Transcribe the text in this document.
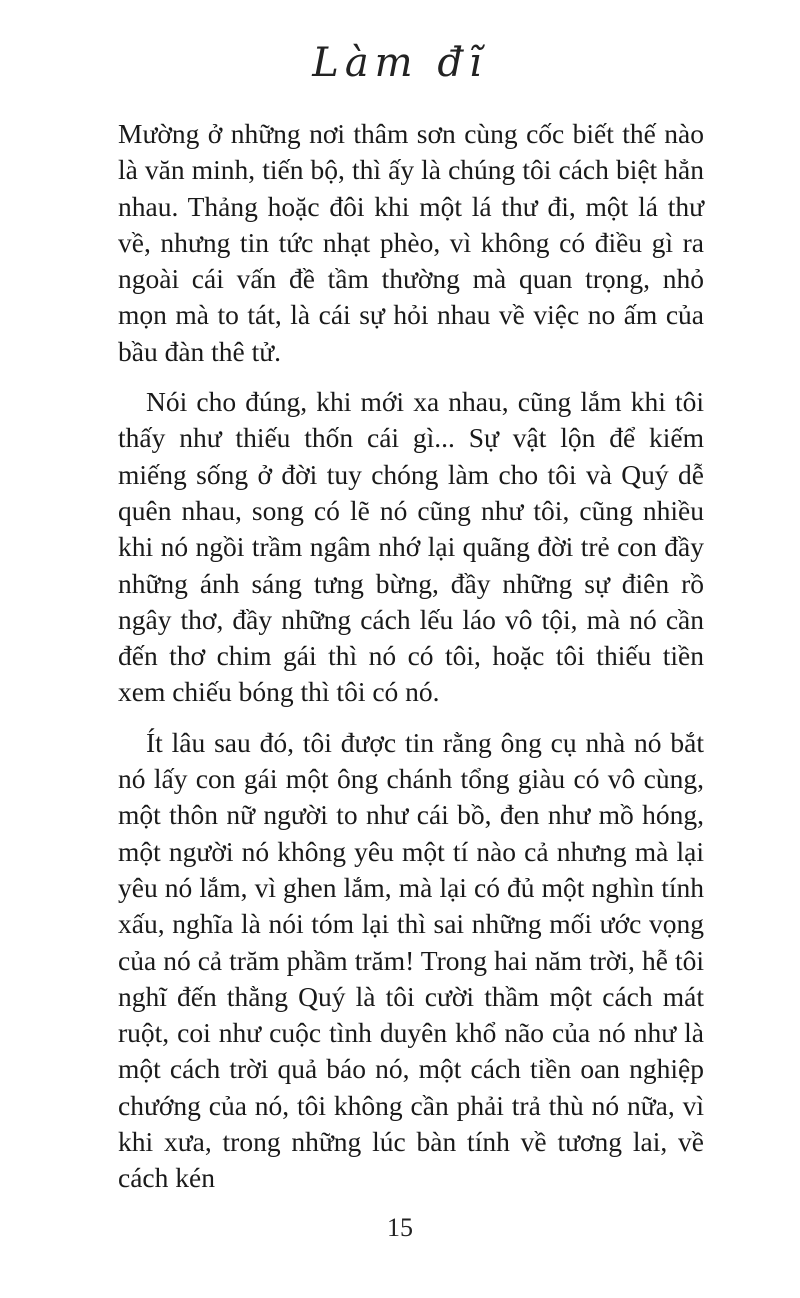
Làm đĩ

Mường ở những nơi thâm sơn cùng cốc biết thế nào là văn minh, tiến bộ, thì ấy là chúng tôi cách biệt hẳn nhau. Thảng hoặc đôi khi một lá thư đi, một lá thư về, nhưng tin tức nhạt phèo, vì không có điều gì ra ngoài cái vấn đề tầm thường mà quan trọng, nhỏ mọn mà to tát, là cái sự hỏi nhau về việc no ấm của bầu đàn thê tử.

Nói cho đúng, khi mới xa nhau, cũng lắm khi tôi thấy như thiếu thốn cái gì... Sự vật lộn để kiếm miếng sống ở đời tuy chóng làm cho tôi và Quý dễ quên nhau, song có lẽ nó cũng như tôi, cũng nhiều khi nó ngồi trầm ngâm nhớ lại quãng đời trẻ con đầy những ánh sáng tưng bừng, đầy những sự điên rồ ngây thơ, đầy những cách lếu láo vô tội, mà nó cần đến thơ chim gái thì nó có tôi, hoặc tôi thiếu tiền xem chiếu bóng thì tôi có nó.

Ít lâu sau đó, tôi được tin rằng ông cụ nhà nó bắt nó lấy con gái một ông chánh tổng giàu có vô cùng, một thôn nữ người to như cái bồ, đen như mồ hóng, một người nó không yêu một tí nào cả nhưng mà lại yêu nó lắm, vì ghen lắm, mà lại có đủ một nghìn tính xấu, nghĩa là nói tóm lại thì sai những mối ước vọng của nó cả trăm phầm trăm! Trong hai năm trời, hễ tôi nghĩ đến thằng Quý là tôi cười thầm một cách mát ruột, coi như cuộc tình duyên khổ não của nó như là một cách trời quả báo nó, một cách tiền oan nghiệp chướng của nó, tôi không cần phải trả thù nó nữa, vì khi xưa, trong những lúc bàn tính về tương lai, về cách kén

15
